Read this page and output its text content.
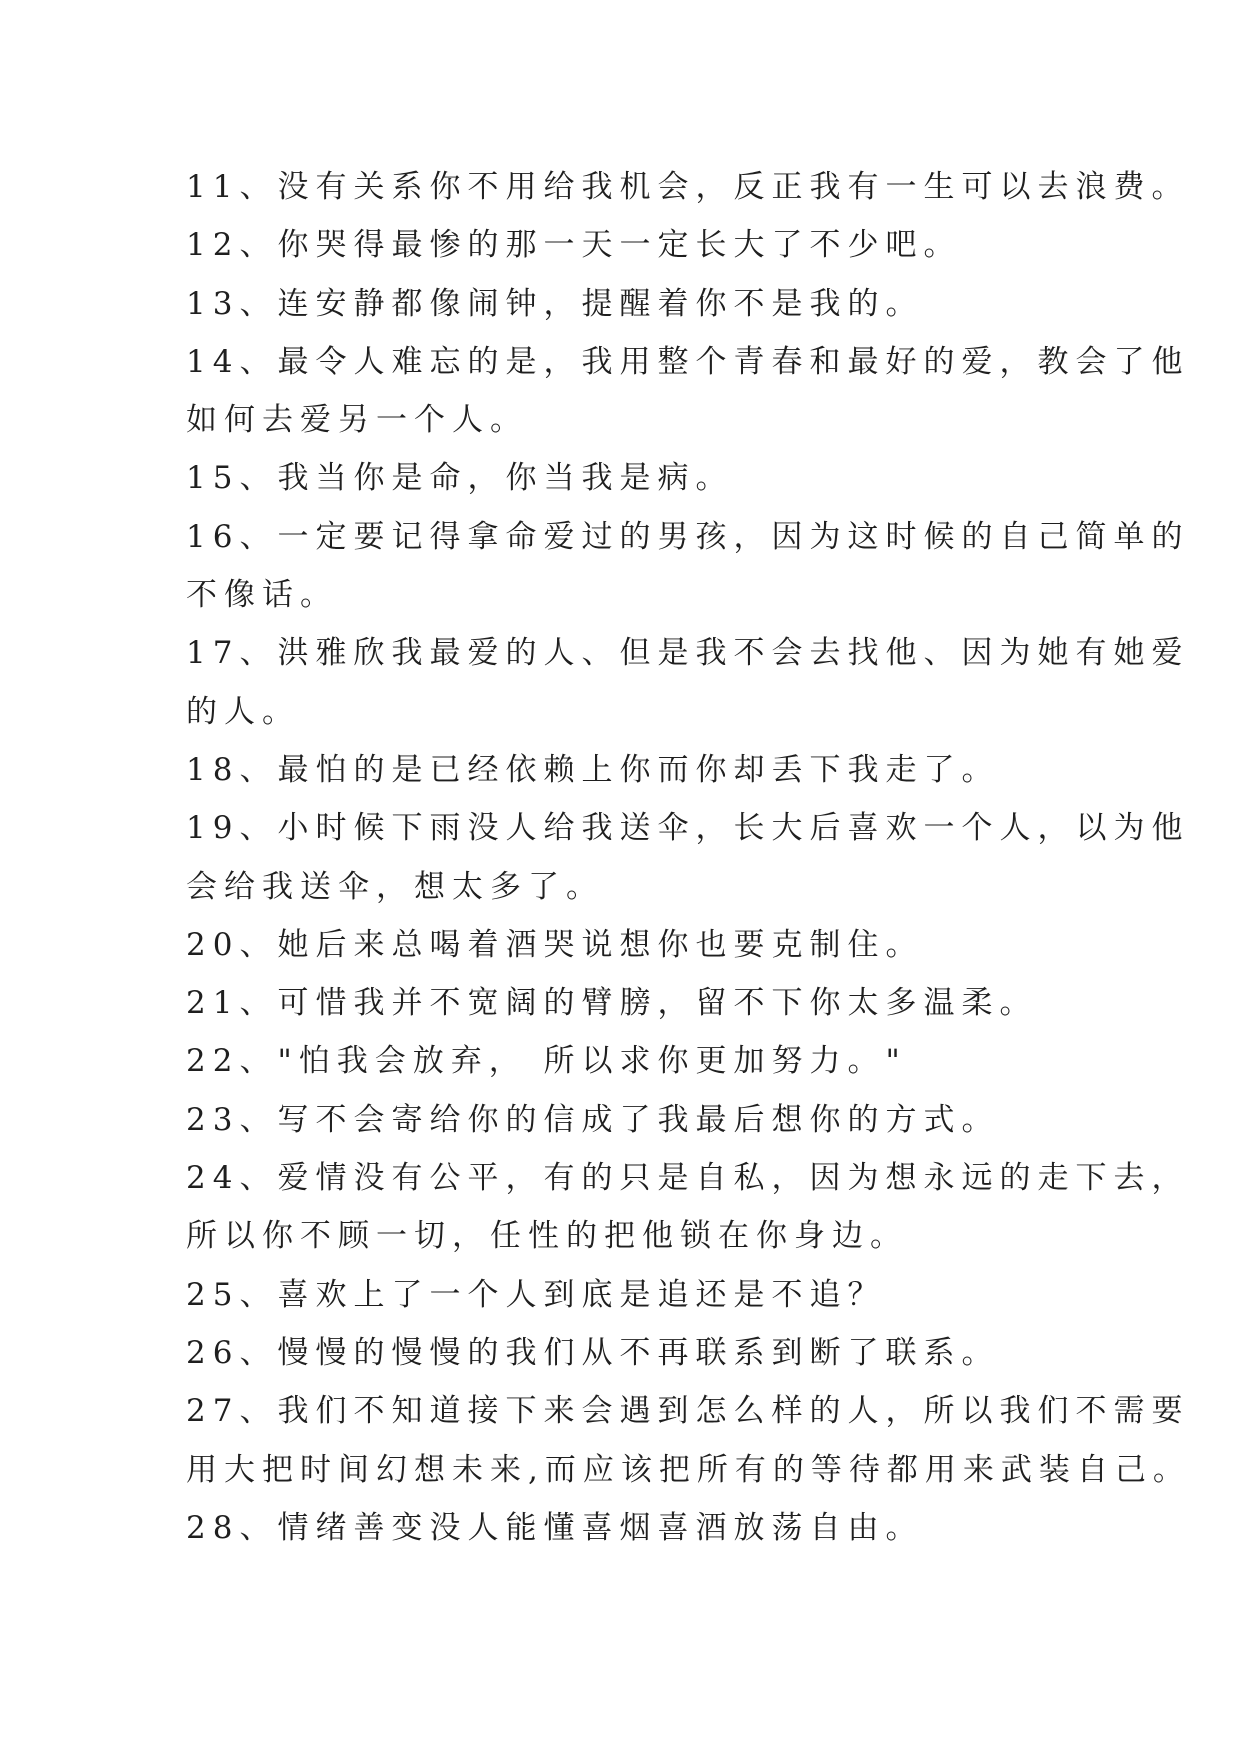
11、没有关系你不用给我机会，反正我有一生可以去浪费。
12、你哭得最惨的那一天一定长大了不少吧。
13、连安静都像闹钟，提醒着你不是我的。
14、最令人难忘的是，我用整个青春和最好的爱，教会了他
如何去爱另一个人。
15、我当你是命，你当我是病。
16、一定要记得拿命爱过的男孩，因为这时候的自己简单的
不像话。
17、洪雅欣我最爱的人、但是我不会去找他、因为她有她爱
的人。
18、最怕的是已经依赖上你而你却丢下我走了。
19、小时候下雨没人给我送伞，长大后喜欢一个人，以为他
会给我送伞，想太多了。
20、她后来总喝着酒哭说想你也要克制住。
21、可惜我并不宽阔的臂膀，留不下你太多温柔。
22、"怕我会放弃， 所以求你更加努力。"
23、写不会寄给你的信成了我最后想你的方式。
24、爱情没有公平，有的只是自私，因为想永远的走下去，
所以你不顾一切，任性的把他锁在你身边。
25、喜欢上了一个人到底是追还是不追？
26、慢慢的慢慢的我们从不再联系到断了联系。
27、我们不知道接下来会遇到怎么样的人，所以我们不需要
用大把时间幻想未来,而应该把所有的等待都用来武装自己。
28、情绪善变没人能懂喜烟喜酒放荡自由。
